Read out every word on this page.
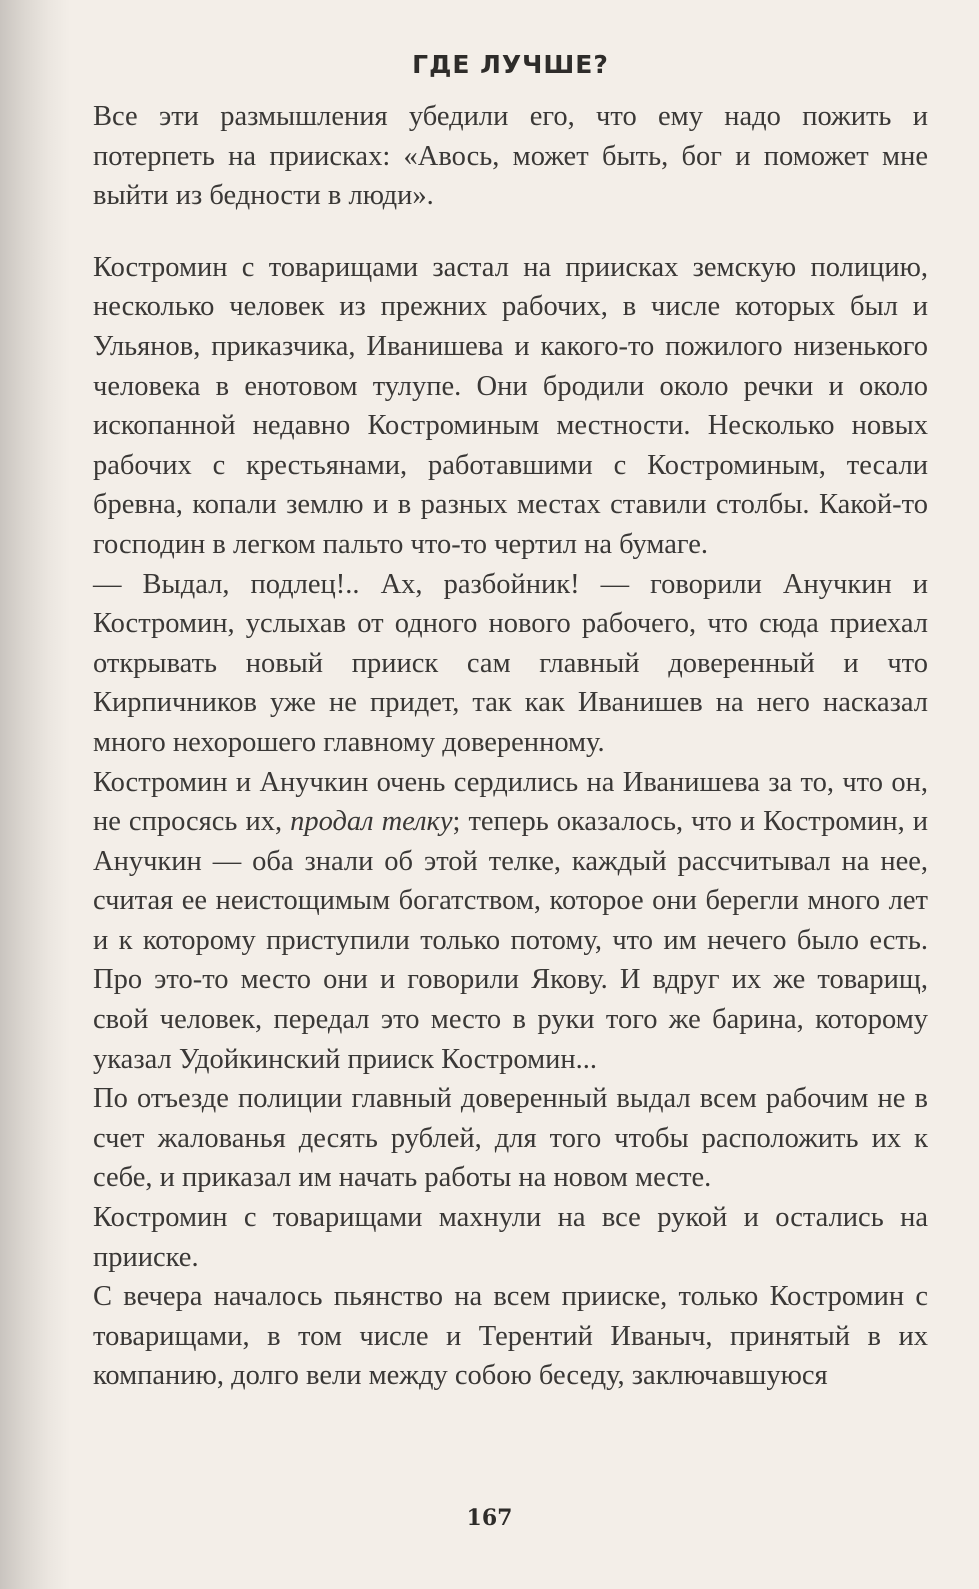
ГДЕ ЛУЧШЕ?

Все эти размышления убедили его, что ему надо пожить и потерпеть на приисках: «Авось, может быть, бог и поможет мне выйти из бедности в люди».

Костромин с товарищами застал на приисках земскую полицию, несколько человек из прежних рабочих, в числе которых был и Ульянов, приказчика, Иванишева и какого-то пожилого низенького человека в енотовом тулупе. Они бродили около речки и около ископанной недавно Костроминым местности. Несколько новых рабочих с крестьянами, работавшими с Костроминым, тесали бревна, копали землю и в разных местах ставили столбы. Какой-то господин в легком пальто что-то чертил на бумаге.

— Выдал, подлец!.. Ах, разбойник! — говорили Анучкин и Костромин, услыхав от одного нового рабочего, что сюда приехал открывать новый прииск сам главный доверенный и что Кирпичников уже не придет, так как Иванишев на него насказал много нехорошего главному доверенному.

Костромин и Анучкин очень сердились на Иванишева за то, что он, не спросясь их, продал телку; теперь оказалось, что и Костромин, и Анучкин — оба знали об этой телке, каждый рассчитывал на нее, считая ее неистощимым богатством, которое они берегли много лет и к которому приступили только потому, что им нечего было есть. Про это-то место они и говорили Якову. И вдруг их же товарищ, свой человек, передал это место в руки того же барина, которому указал Удойкинский прииск Костромин...

По отъезде полиции главный доверенный выдал всем рабочим не в счет жалованья десять рублей, для того чтобы расположить их к себе, и приказал им начать работы на новом месте.

Костромин с товарищами махнули на все рукой и остались на прииске.

С вечера началось пьянство на всем прииске, только Костромин с товарищами, в том числе и Терентий Иваныч, принятый в их компанию, долго вели между собою беседу, заключавшуюся

167
